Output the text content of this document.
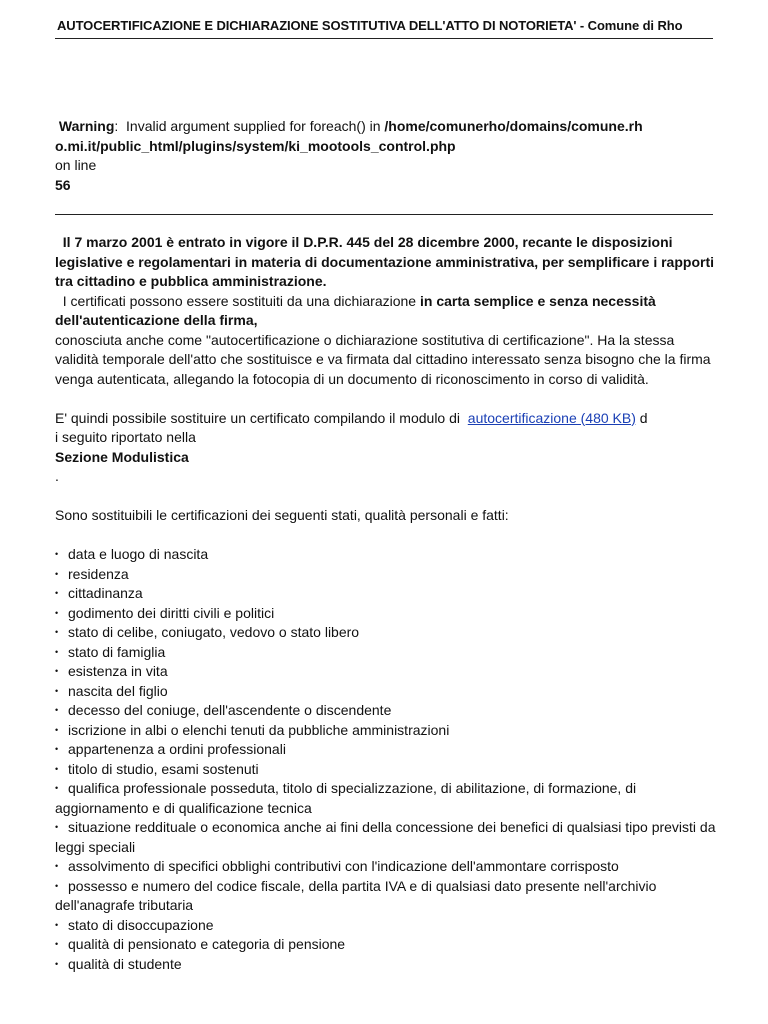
AUTOCERTIFICAZIONE E DICHIARAZIONE SOSTITUTIVA DELL'ATTO DI NOTORIETA' - Comune di Rho
Warning:  Invalid argument supplied for foreach() in /home/comunerho/domains/comune.rh
o.mi.it/public_html/plugins/system/ki_mootools_control.php
on line
56

Il 7 marzo 2001 è entrato in vigore il D.P.R. 445 del 28 dicembre 2000, recante le disposizioni legislative e regolamentari in materia di documentazione amministrativa, per semplificare i rapporti tra cittadino e pubblica amministrazione.

I certificati possono essere sostituiti da una dichiarazione in carta semplice e senza necessità dell'autenticazione della firma,
conosciuta anche come "autocertificazione o dichiarazione sostitutiva di certificazione". Ha la stessa validità temporale dell'atto che sostituisce e va firmata dal cittadino interessato senza bisogno che la firma venga autenticata, allegando la fotocopia di un documento di riconoscimento in corso di validità.

E' quindi possibile sostituire un certificato compilando il modulo di  autocertificazione (480 KB) d
i seguito riportato nella
Sezione Modulistica
.

Sono sostituibili le certificazioni dei seguenti stati, qualità personali e fatti:

• data e luogo di nascita
• residenza
• cittadinanza
• godimento dei diritti civili e politici
• stato di celibe, coniugato, vedovo o stato libero
• stato di famiglia
• esistenza in vita
• nascita del figlio
• decesso del coniuge, dell'ascendente o discendente
• iscrizione in albi o elenchi tenuti da pubbliche amministrazioni
• appartenenza a ordini professionali
• titolo di studio, esami sostenuti
• qualifica professionale posseduta, titolo di specializzazione, di abilitazione, di formazione, di aggiornamento e di qualificazione tecnica
• situazione reddituale o economica anche ai fini della concessione dei benefici di qualsiasi tipo previsti da leggi speciali
• assolvimento di specifici obblighi contributivi con l'indicazione dell'ammontare corrisposto
• possesso e numero del codice fiscale, della partita IVA e di qualsiasi dato presente nell'archivio dell'anagrafe tributaria
• stato di disoccupazione
• qualità di pensionato e categoria di pensione
• qualità di studente
